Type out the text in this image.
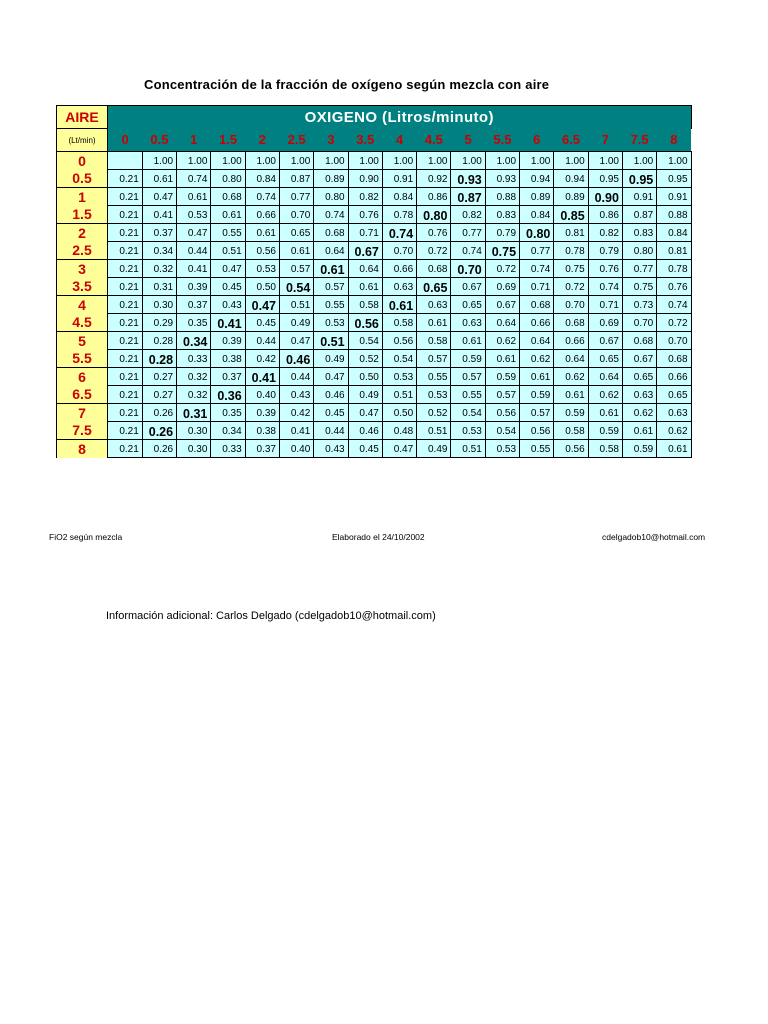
Concentración de la fracción de oxígeno según mezcla con aire
AIRE	OXIGENO (Litros/minuto)																
(Lt/min)	0	0.5	1	1.5	2	2.5	3	3.5	4	4.5	5	5.5	6	6.5	7	7.5	8
0		1.00	1.00	1.00	1.00	1.00	1.00	1.00	1.00	1.00	1.00	1.00	1.00	1.00	1.00	1.00	1.00
0.5	0.21	0.61	0.74	0.80	0.84	0.87	0.89	0.90	0.91	0.92	0.93	0.93	0.94	0.94	0.95	0.95	0.95
1	0.21	0.47	0.61	0.68	0.74	0.77	0.80	0.82	0.84	0.86	0.87	0.88	0.89	0.89	0.90	0.91	0.91
1.5	0.21	0.41	0.53	0.61	0.66	0.70	0.74	0.76	0.78	0.80	0.82	0.83	0.84	0.85	0.86	0.87	0.88
2	0.21	0.37	0.47	0.55	0.61	0.65	0.68	0.71	0.74	0.76	0.77	0.79	0.80	0.81	0.82	0.83	0.84
2.5	0.21	0.34	0.44	0.51	0.56	0.61	0.64	0.67	0.70	0.72	0.74	0.75	0.77	0.78	0.79	0.80	0.81
3	0.21	0.32	0.41	0.47	0.53	0.57	0.61	0.64	0.66	0.68	0.70	0.72	0.74	0.75	0.76	0.77	0.78
3.5	0.21	0.31	0.39	0.45	0.50	0.54	0.57	0.61	0.63	0.65	0.67	0.69	0.71	0.72	0.74	0.75	0.76
4	0.21	0.30	0.37	0.43	0.47	0.51	0.55	0.58	0.61	0.63	0.65	0.67	0.68	0.70	0.71	0.73	0.74
4.5	0.21	0.29	0.35	0.41	0.45	0.49	0.53	0.56	0.58	0.61	0.63	0.64	0.66	0.68	0.69	0.70	0.72
5	0.21	0.28	0.34	0.39	0.44	0.47	0.51	0.54	0.56	0.58	0.61	0.62	0.64	0.66	0.67	0.68	0.70
5.5	0.21	0.28	0.33	0.38	0.42	0.46	0.49	0.52	0.54	0.57	0.59	0.61	0.62	0.64	0.65	0.67	0.68
6	0.21	0.27	0.32	0.37	0.41	0.44	0.47	0.50	0.53	0.55	0.57	0.59	0.61	0.62	0.64	0.65	0.66
6.5	0.21	0.27	0.32	0.36	0.40	0.43	0.46	0.49	0.51	0.53	0.55	0.57	0.59	0.61	0.62	0.63	0.65
7	0.21	0.26	0.31	0.35	0.39	0.42	0.45	0.47	0.50	0.52	0.54	0.56	0.57	0.59	0.61	0.62	0.63
7.5	0.21	0.26	0.30	0.34	0.38	0.41	0.44	0.46	0.48	0.51	0.53	0.54	0.56	0.58	0.59	0.61	0.62
8	0.21	0.26	0.30	0.33	0.37	0.40	0.43	0.45	0.47	0.49	0.51	0.53	0.55	0.56	0.58	0.59	0.61
FiO2 según mezcla	Elaborado el 24/10/2002	cdelgadob10@hotmail.com
Información adicional: Carlos Delgado (cdelgadob10@hotmail.com)
